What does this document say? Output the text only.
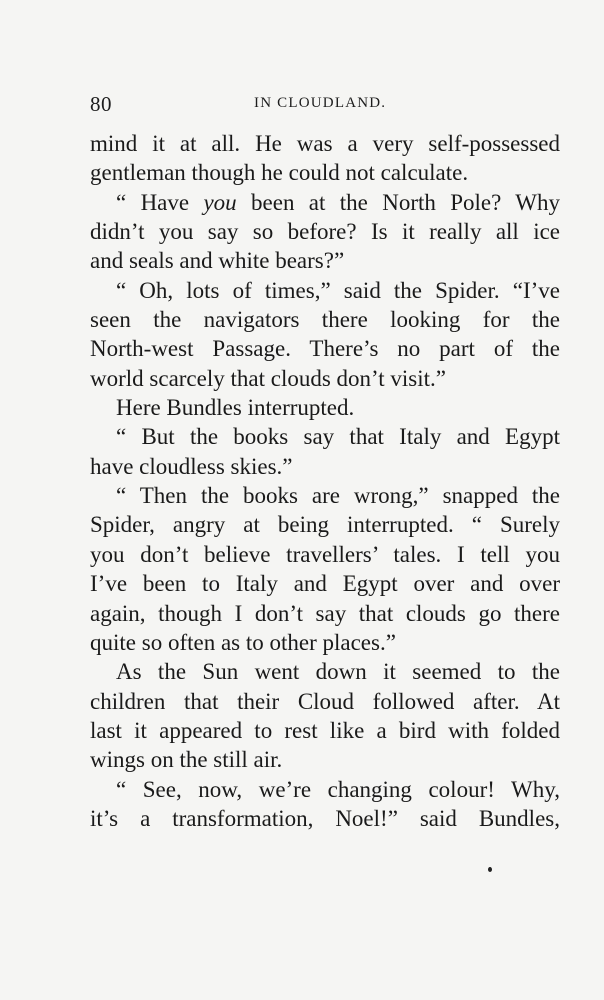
80	IN CLOUDLAND.
mind it at all. He was a very self-possessed
gentleman though he could not calculate.
“ Have you been at the North Pole? Why
didn’t you say so before? Is it really all ice
and seals and white bears?”
“ Oh, lots of times,” said the Spider. “I’ve
seen the navigators there looking for the
North-west Passage. There’s no part of the
world scarcely that clouds don’t visit.”
Here Bundles interrupted.
“ But the books say that Italy and Egypt
have cloudless skies.”
“ Then the books are wrong,” snapped the
Spider, angry at being interrupted. “ Surely
you don’t believe travellers’ tales. I tell you
I’ve been to Italy and Egypt over and over
again, though I don’t say that clouds go there
quite so often as to other places.”
As the Sun went down it seemed to the
children that their Cloud followed after. At
last it appeared to rest like a bird with folded
wings on the still air.
“ See, now, we’re changing colour! Why,
it’s a transformation, Noel!” said Bundles,
